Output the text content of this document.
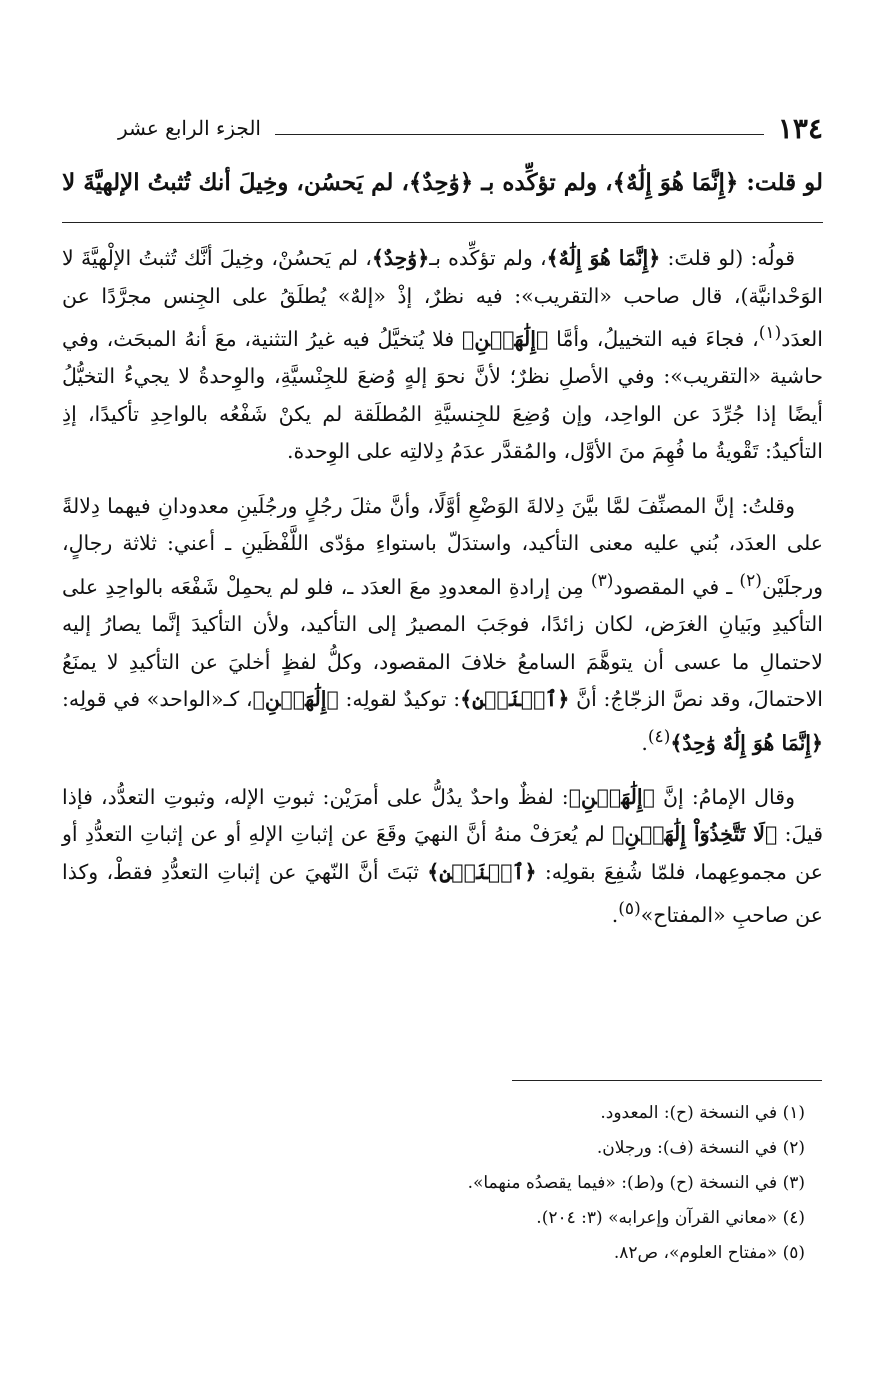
الجزء الرابع عشر	١٣٤
لو قلت: ﴿إِنَّمَا هُوَ إِلَٰهٌ﴾، ولم تؤكِّده بـ ﴿وَٰحِدٌ﴾، لم يَحسُن، وخِيلَ أنك تُثبتُ الإلهيَّةَ لا

قولُه: (لو قلتَ: ﴿إِنَّمَا هُوَ إِلَٰهٌ﴾، ولم تؤكِّده بـ﴿وَٰحِدٌ﴾، لم يَحسُنْ، وخِيلَ أنَّك تُثبتُ الإلْهيَّةَ لا الوَحْدانيَّة)، قال صاحب «التقريب»: فيه نظرٌ، إذْ «إلهٌ» يُطلَقُ على الجِنس مجرَّدًا عن العدَد$^{(١)}$، فجاءَ فيه التخييلُ، وأمَّا ﴿إِلَٰهَيۡنِ﴾ فلا يُتخيَّلُ فيه غيرُ التثنية، معَ أنهُ المبحَث، وفي حاشية «التقريب»: وفي الأصلِ نظرٌ؛ لأنَّ نحوَ إلهٍ وُضعَ للجِنْسيَّةِ، والوِحدةُ لا يجيءُ التخيُّلُ أيضًا إذا جُرِّدَ عن الواحِد، وإن وُضِعَ للجِنسيَّةِ المُطلَقة لم يكنْ شَفْعُه بالواحِدِ تأكيدًا، إذِ التأكيدُ: تَقْويةُ ما فُهِمَ منَ الأوَّل، والمُقدَّر عدَمُ دِلالتِه على الوِحدة.

وقلتُ: إنَّ المصنِّفَ لمَّا بيَّنَ دِلالةَ الوَضْعِ أوَّلًا، وأنَّ مثلَ رجُلٍ ورجُلَينِ معدودانِ فيهما دِلالةً على العدَد، بُني عليه معنى التأكيد، واستدَلّ باستواءِ مؤدّى اللَّفْظَينِ ـ أعني: ثلاثة رجالٍ، ورجلَيْن$^{(٢)}$ ـ في المقصود$^{(٣)}$ مِن إرادةِ المعدودِ معَ العدَد ـ، فلو لم يحمِلْ شَفْعَه بالواحِدِ على التأكيدِ وبَيانِ الغرَض، لكان زائدًا، فوجَبَ المصيرُ إلى التأكيد، ولأن التأكيدَ إنَّما يصارُ إليه لاحتمالِ ما عسى أن يتوهَّمَ السامعُ خلافَ المقصود، وكلُّ لفظٍ أخليَ عن التأكيدِ لا يمنَعُ الاحتمالَ، وقد نصَّ الزجّاجُ: أنَّ ﴿ٱثۡنَيۡنِ﴾: توكيدٌ لقولِه: ﴿إِلَٰهَيۡنِ﴾، كـ«الواحد» في قولِه: ﴿إِنَّمَا هُوَ إِلَٰهٌ وَٰحِدٌ﴾$^{(٤)}$.

وقال الإمامُ: إنَّ ﴿إِلَٰهَيۡنِ﴾: لفظٌ واحدٌ يدُلُّ على أمرَيْن: ثبوتِ الإله، وثبوتِ التعدُّد، فإذا قيلَ: ﴿لَا تَتَّخِذُوٓاْ إِلَٰهَيۡنِ﴾ لم يُعرَفْ منهُ أنَّ النهيَ وقَعَ عن إثباتِ الإلهِ أو عن إثباتِ التعدُّدِ أو عن مجموعِهما، فلمّا شُفِعَ بقولِه: ﴿ٱثۡنَيۡنِ﴾ ثبَتَ أنَّ النّهيَ عن إثباتِ التعدُّدِ فقطْ، وكذا عن صاحبِ «المفتاح»$^{(٥)}$.

(١) في النسخة (ح): المعدود.
(٢) في النسخة (ف): ورجلان.
(٣) في النسخة (ح) و(ط): «فيما يقصدُه منهما».
(٤) «معاني القرآن وإعرابه» (٣: ٢٠٤).
(٥) «مفتاح العلوم»، ص٨٢.
